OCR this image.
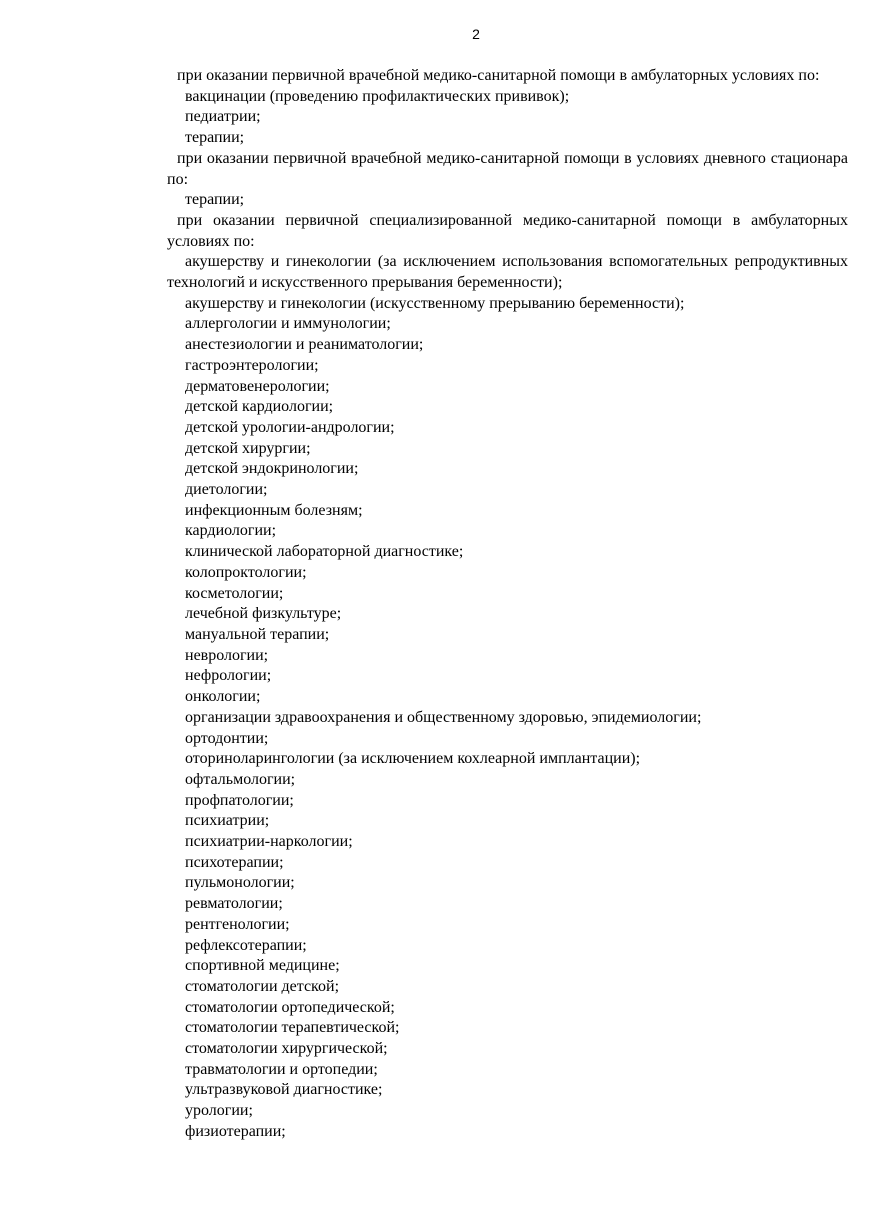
2

при оказании первичной врачебной медико-санитарной помощи в амбулаторных условиях по:

вакцинации (проведению профилактических прививок);

педиатрии;

терапии;

при оказании первичной врачебной медико-санитарной помощи в условиях дневного стационара по:

терапии;

при оказании первичной специализированной медико-санитарной помощи в амбулаторных условиях по:

акушерству и гинекологии (за исключением использования вспомогательных репродуктивных технологий и искусственного прерывания беременности);

акушерству и гинекологии (искусственному прерыванию беременности);

аллергологии и иммунологии;

анестезиологии и реаниматологии;

гастроэнтерологии;

дерматовенерологии;

детской кардиологии;

детской урологии-андрологии;

детской хирургии;

детской эндокринологии;

диетологии;

инфекционным болезням;

кардиологии;

клинической лабораторной диагностике;

колопроктологии;

косметологии;

лечебной физкультуре;

мануальной терапии;

неврологии;

нефрологии;

онкологии;

организации здравоохранения и общественному здоровью, эпидемиологии;

ортодонтии;

оториноларингологии (за исключением кохлеарной имплантации);

офтальмологии;

профпатологии;

психиатрии;

психиатрии-наркологии;

психотерапии;

пульмонологии;

ревматологии;

рентгенологии;

рефлексотерапии;

спортивной медицине;

стоматологии детской;

стоматологии ортопедической;

стоматологии терапевтической;

стоматологии хирургической;

травматологии и ортопедии;

ультразвуковой диагностике;

урологии;

физиотерапии;
